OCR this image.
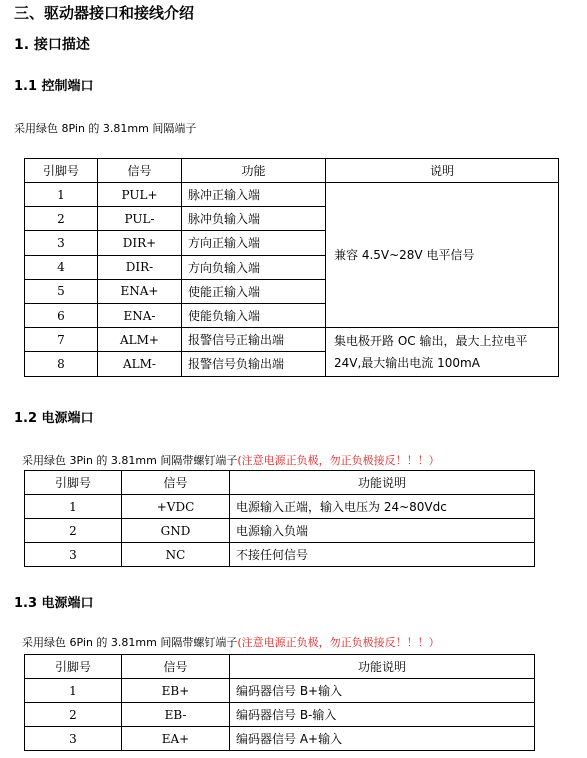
三、驱动器接口和接线介绍
1. 接口描述
1.1 控制端口
采用绿色 8Pin 的 3.81mm 间隔端子
引脚号	信号	功能	说明
1	PUL+	脉冲正输入端	兼容 4.5V~28V 电平信号
2	PUL-	脉冲负输入端	
3	DIR+	方向正输入端	
4	DIR-	方向负输入端	
5	ENA+	使能正输入端	
6	ENA-	使能负输入端	
7	ALM+	报警信号正输出端	集电极开路 OC 输出，最大上拉电平 24V,最大输出电流 100mA
8	ALM-	报警信号负输出端	
1.2 电源端口
采用绿色 3Pin 的 3.81mm 间隔带螺钉端子(注意电源正负极，勿正负极接反！！！）
引脚号	信号	功能说明
1	+VDC	电源输入正端，输入电压为 24~80Vdc
2	GND	电源输入负端
3	NC	不接任何信号
1.3 电源端口
采用绿色 6Pin 的 3.81mm 间隔带螺钉端子(注意电源正负极，勿正负极接反！！！）
引脚号	信号	功能说明
1	EB+	编码器信号 B+输入
2	EB-	编码器信号 B-输入
3	EA+	编码器信号 A+输入
